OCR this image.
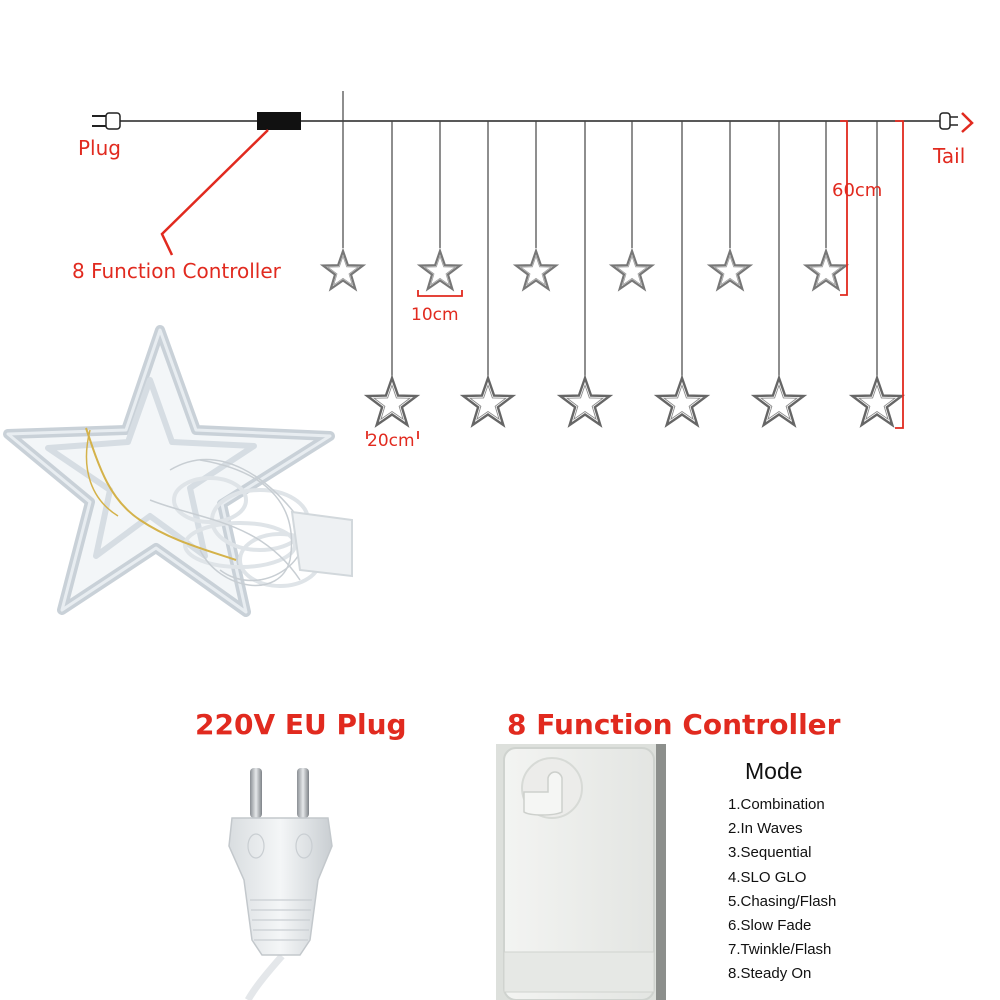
Plug	Tail
8 Function Controller
60cm
10cm
20cm
220V EU Plug	8 Function Controller
Mode
1.Combination
2.In Waves
3.Sequential
4.SLO GLO
5.Chasing/Flash
6.Slow Fade
7.Twinkle/Flash
8.Steady On
